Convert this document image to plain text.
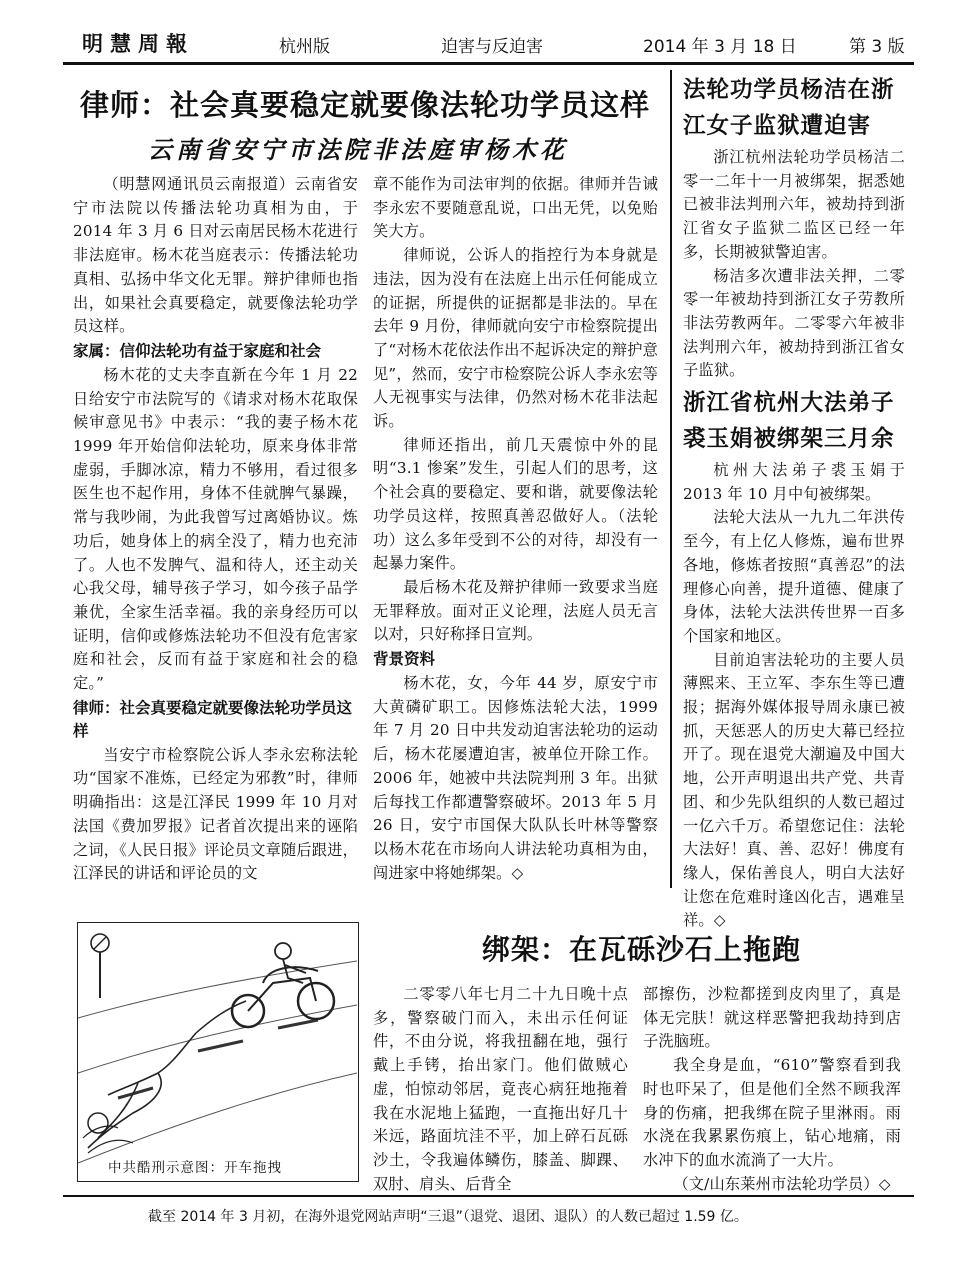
明慧周報	杭州版	迫害与反迫害	2014 年 3 月 18 日	第 3 版
律师：社会真要稳定就要像法轮功学员这样
云南省安宁市法院非法庭审杨木花

（明慧网通讯员云南报道）云南省安宁市法院以传播法轮功真相为由，于 2014 年 3 月 6 日对云南居民杨木花进行非法庭审。杨木花当庭表示：传播法轮功真相、弘扬中华文化无罪。辩护律师也指出，如果社会真要稳定，就要像法轮功学员这样。

家属：信仰法轮功有益于家庭和社会

杨木花的丈夫李直新在今年 1 月 22 日给安宁市法院写的《请求对杨木花取保候审意见书》中表示：“我的妻子杨木花 1999 年开始信仰法轮功，原来身体非常虚弱，手脚冰凉，精力不够用，看过很多医生也不起作用，身体不佳就脾气暴躁，常与我吵闹，为此我曾写过离婚协议。炼功后，她身体上的病全没了，精力也充沛了。人也不发脾气、温和待人，还主动关心我父母，辅导孩子学习，如今孩子品学兼优，全家生活幸福。我的亲身经历可以证明，信仰或修炼法轮功不但没有危害家庭和社会，反而有益于家庭和社会的稳定。”

律师：社会真要稳定就要像法轮功学员这样

当安宁市检察院公诉人李永宏称法轮功“国家不准炼，已经定为邪教”时，律师明确指出：这是江泽民 1999 年 10 月对法国《费加罗报》记者首次提出来的诬陷之词，《人民日报》评论员文章随后跟进，江泽民的讲话和评论员的文

章不能作为司法审判的依据。律师并告诫李永宏不要随意乱说，口出无凭，以免贻笑大方。

律师说，公诉人的指控行为本身就是违法，因为没有在法庭上出示任何能成立的证据，所提供的证据都是非法的。早在去年 9 月份，律师就向安宁市检察院提出了“对杨木花依法作出不起诉决定的辩护意见”，然而，安宁市检察院公诉人李永宏等人无视事实与法律，仍然对杨木花非法起诉。

律师还指出，前几天震惊中外的昆明“3.1 惨案”发生，引起人们的思考，这个社会真的要稳定、要和谐，就要像法轮功学员这样，按照真善忍做好人。（法轮功）这么多年受到不公的对待，却没有一起暴力案件。

最后杨木花及辩护律师一致要求当庭无罪释放。面对正义论理，法庭人员无言以对，只好称择日宣判。

背景资料

杨木花，女，今年 44 岁，原安宁市大黄磷矿职工。因修炼法轮大法，1999 年 7 月 20 日中共发动迫害法轮功的运动后，杨木花屡遭迫害，被单位开除工作。2006 年，她被中共法院判刑 3 年。出狱后每找工作都遭警察破坏。2013 年 5 月 26 日，安宁市国保大队队长叶林等警察以杨木花在市场向人讲法轮功真相为由，闯进家中将她绑架。◇

法轮功学员杨洁在浙江女子监狱遭迫害

浙江杭州法轮功学员杨洁二零一二年十一月被绑架，据悉她已被非法判刑六年，被劫持到浙江省女子监狱二监区已经一年多，长期被狱警迫害。

杨洁多次遭非法关押，二零零一年被劫持到浙江女子劳教所非法劳教两年。二零零六年被非法判刑六年，被劫持到浙江省女子监狱。

浙江省杭州大法弟子裘玉娟被绑架三月余

杭州大法弟子裘玉娟于 2013 年 10 月中旬被绑架。

法轮大法从一九九二年洪传至今，有上亿人修炼，遍布世界各地，修炼者按照“真善忍”的法理修心向善，提升道德、健康了身体，法轮大法洪传世界一百多个国家和地区。

目前迫害法轮功的主要人员薄熙来、王立军、李东生等已遭报；据海外媒体报导周永康已被抓，天惩恶人的历史大幕已经拉开了。现在退党大潮遍及中国大地，公开声明退出共产党、共青团、和少先队组织的人数已超过一亿六千万。希望您记住：法轮大法好！真、善、忍好！佛度有缘人，保佑善良人，明白大法好让您在危难时逢凶化吉，遇难呈祥。◇

中共酷刑示意图：开车拖拽
绑架：在瓦砾沙石上拖跑

二零零八年七月二十九日晚十点多，警察破门而入，未出示任何证件，不由分说，将我扭翻在地，强行戴上手铐，抬出家门。他们做贼心虚，怕惊动邻居，竟丧心病狂地拖着我在水泥地上猛跑，一直拖出好几十米远，路面坑洼不平，加上碎石瓦砾沙土，令我遍体鳞伤，膝盖、脚踝、双肘、肩头、后背全

部擦伤，沙粒都搓到皮肉里了，真是体无完肤！就这样恶警把我劫持到店子洗脑班。

我全身是血，“610”警察看到我时也吓呆了，但是他们全然不顾我浑身的伤痛，把我绑在院子里淋雨。雨水浇在我累累伤痕上，钻心地痛，雨水冲下的血水流淌了一大片。

（文/山东莱州市法轮功学员）◇

截至 2014 年 3 月初，在海外退党网站声明“三退”（退党、退团、退队）的人数已超过 1.59 亿。
